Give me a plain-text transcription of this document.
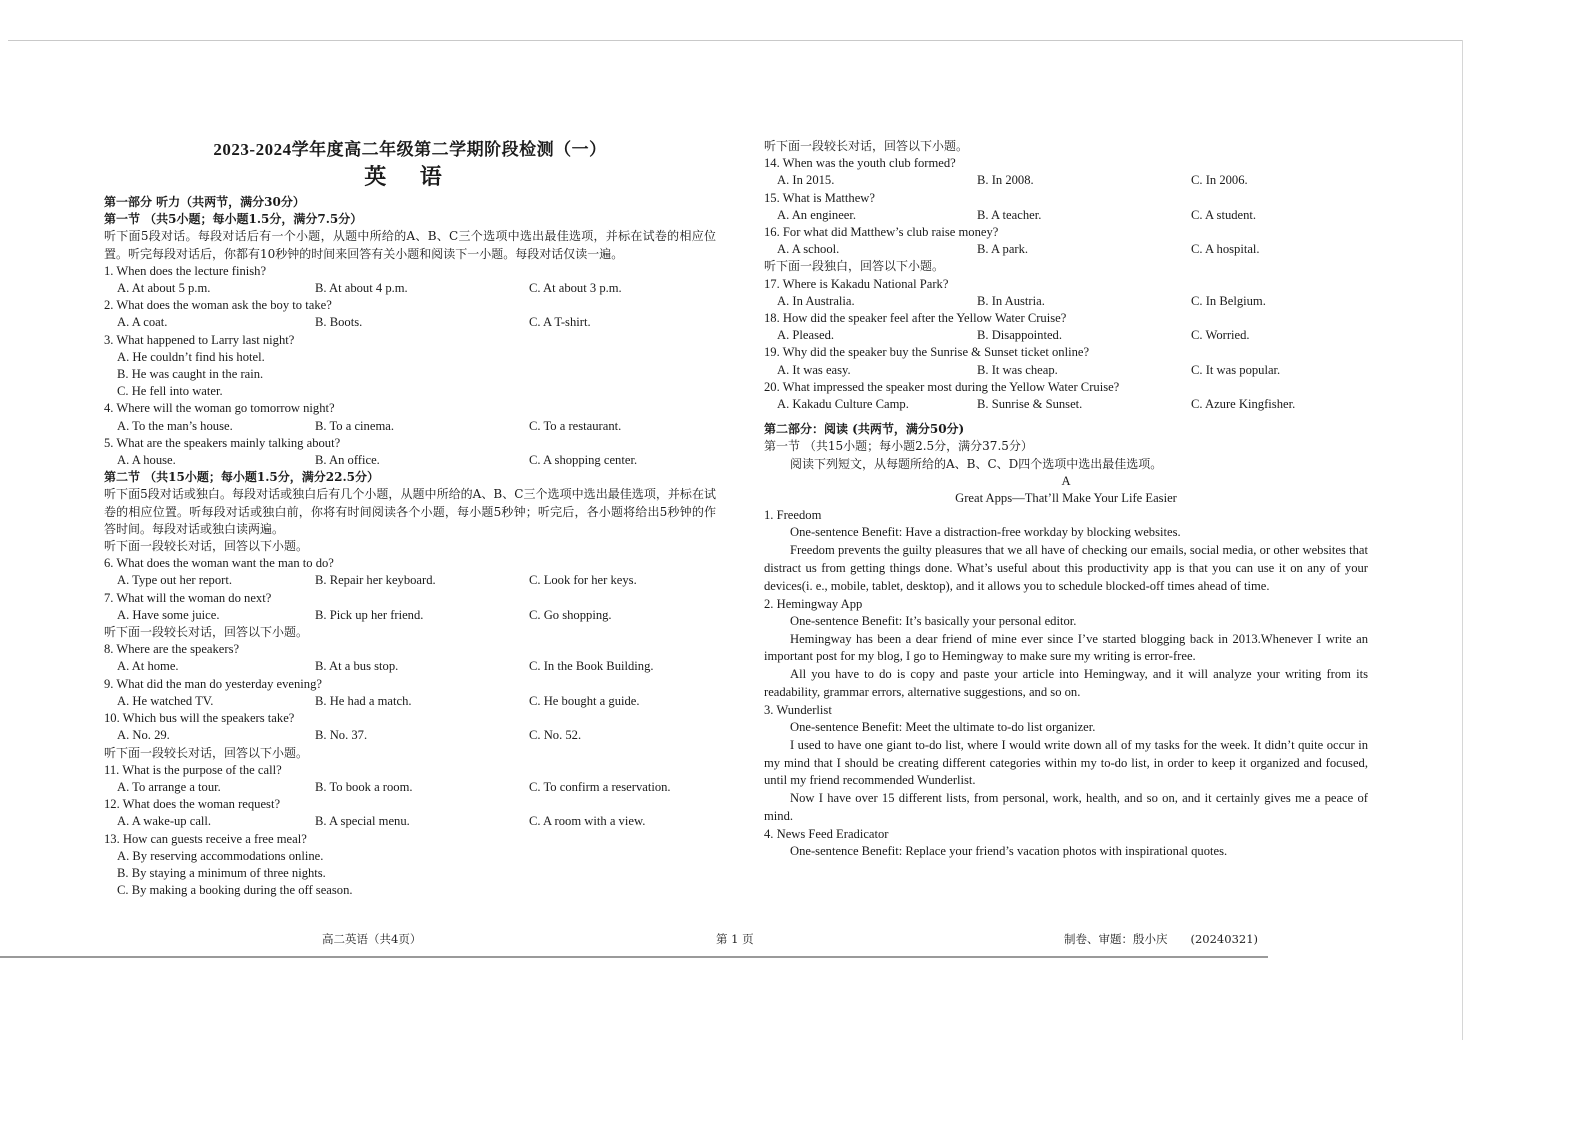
2023-2024学年度高二年级第二学期阶段检测（一）
英 语
第一部分 听力（共两节，满分30分）
第一节 （共5小题；每小题1.5分，满分7.5分）
听下面5段对话。每段对话后有一个小题，从题中所给的A、B、C三个选项中选出最佳选项，并标在试卷的相应位置。听完每段对话后，你都有10秒钟的时间来回答有关小题和阅读下一小题。每段对话仅读一遍。
1. When does the lecture finish?
A. At about 5 p.m.	B. At about 4 p.m.	C. At about 3 p.m.
2. What does the woman ask the boy to take?
A. A coat.	B. Boots.	C. A T-shirt.
3. What happened to Larry last night?
A. He couldn’t find his hotel.
B. He was caught in the rain.
C. He fell into water.
4. Where will the woman go tomorrow night?
A. To the man’s house.	B. To a cinema.	C. To a restaurant.
5. What are the speakers mainly talking about?
A. A house.	B. An office.	C. A shopping center.
第二节 （共15小题；每小题1.5分，满分22.5分）
听下面5段对话或独白。每段对话或独白后有几个小题，从题中所给的A、B、C三个选项中选出最佳选项，并标在试卷的相应位置。听每段对话或独白前，你将有时间阅读各个小题，每小题5秒钟；听完后，各小题将给出5秒钟的作答时间。每段对话或独白读两遍。
听下面一段较长对话，回答以下小题。
6. What does the woman want the man to do?
A. Type out her report.	B. Repair her keyboard.	C. Look for her keys.
7. What will the woman do next?
A. Have some juice.	B. Pick up her friend.	C. Go shopping.
听下面一段较长对话，回答以下小题。
8. Where are the speakers?
A. At home.	B. At a bus stop.	C. In the Book Building.
9. What did the man do yesterday evening?
A. He watched TV.	B. He had a match.	C. He bought a guide.
10. Which bus will the speakers take?
A. No. 29.	B. No. 37.	C. No. 52.
听下面一段较长对话，回答以下小题。
11. What is the purpose of the call?
A. To arrange a tour.	B. To book a room.	C. To confirm a reservation.
12. What does the woman request?
A. A wake-up call.	B. A special menu.	C. A room with a view.
13. How can guests receive a free meal?
A. By reserving accommodations online.
B. By staying a minimum of three nights.
C. By making a booking during the off season.
听下面一段较长对话，回答以下小题。
14. When was the youth club formed?
A. In 2015.	B. In 2008.	C. In 2006.
15. What is Matthew?
A. An engineer.	B. A teacher.	C. A student.
16. For what did Matthew’s club raise money?
A. A school.	B. A park.	C. A hospital.
听下面一段独白，回答以下小题。
17. Where is Kakadu National Park?
A. In Australia.	B. In Austria.	C. In Belgium.
18. How did the speaker feel after the Yellow Water Cruise?
A. Pleased.	B. Disappointed.	C. Worried.
19. Why did the speaker buy the Sunrise & Sunset ticket online?
A. It was easy.	B. It was cheap.	C. It was popular.
20. What impressed the speaker most during the Yellow Water Cruise?
A. Kakadu Culture Camp.	B. Sunrise & Sunset.	C. Azure Kingfisher.
第二部分：阅读 (共两节，满分50分)
第一节 （共15小题；每小题2.5分，满分37.5分）
阅读下列短文，从每题所给的A、B、C、D四个选项中选出最佳选项。
A
Great Apps—That’ll Make Your Life Easier
1. Freedom
One-sentence Benefit: Have a distraction-free workday by blocking websites.
Freedom prevents the guilty pleasures that we all have of checking our emails, social media, or other websites that distract us from getting things done. What’s useful about this productivity app is that you can use it on any of your devices(i. e., mobile, tablet, desktop), and it allows you to schedule blocked-off times ahead of time.
2. Hemingway App
One-sentence Benefit: It’s basically your personal editor.
Hemingway has been a dear friend of mine ever since I’ve started blogging back in 2013.Whenever I write an important post for my blog, I go to Hemingway to make sure my writing is error-free.
All you have to do is copy and paste your article into Hemingway, and it will analyze your writing from its readability, grammar errors, alternative suggestions, and so on.
3. Wunderlist
One-sentence Benefit: Meet the ultimate to-do list organizer.
I used to have one giant to-do list, where I would write down all of my tasks for the week. It didn’t quite occur in my mind that I should be creating different categories within my to-do list, in order to keep it organized and focused, until my friend recommended Wunderlist.
Now I have over 15 different lists, from personal, work, health, and so on, and it certainly gives me a peace of mind.
4. News Feed Eradicator
One-sentence Benefit: Replace your friend’s vacation photos with inspirational quotes.
高二英语（共4页）	第 1 页	制卷、审题：殷小庆　　(20240321)
